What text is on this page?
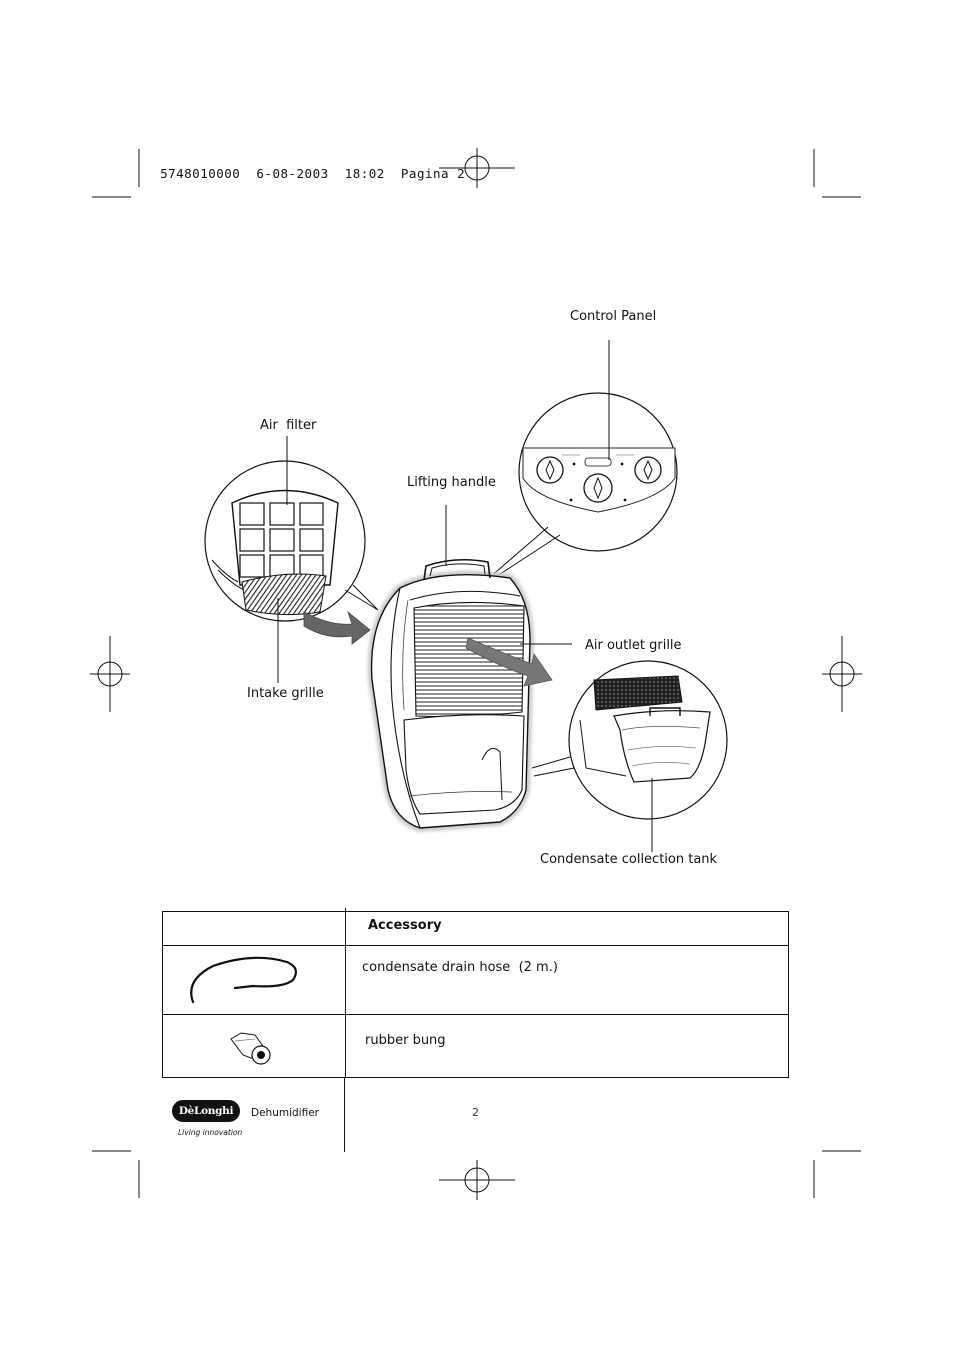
5748010000 6-08-2003 18:02 Pagina 2

Control Panel
Air  filter
Lifting handle
Air outlet grille
Intake grille
Condensate collection tank
Accessory
condensate drain hose  (2 m.)
rubber bung
DèLonghi
Living innovation
Dehumidifier	2
